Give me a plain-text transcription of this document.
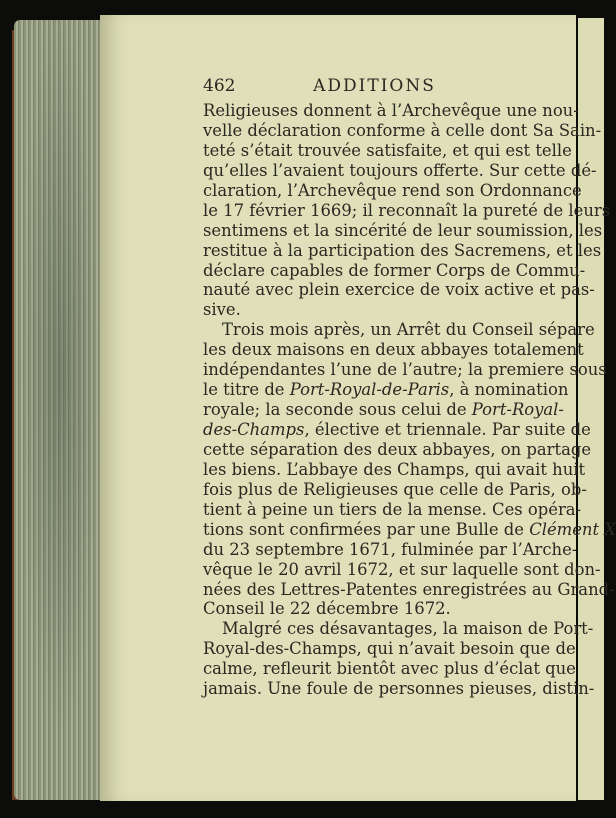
462	ADDITIONS
Religieuses donnent à l’Archevêque une nou-
velle déclaration conforme à celle dont Sa Sain-
teté s’était trouvée satisfaite, et qui est telle
qu’elles l’avaient toujours offerte. Sur cette dé-
claration, l’Archevêque rend son Ordonnance
le 17 février 1669; il reconnaît la pureté de leurs
sentimens et la sincérité de leur soumission, les
restitue à la participation des Sacremens, et les
déclare capables de former Corps de Commu-
nauté avec plein exercice de voix active et pas-
sive.
Trois mois après, un Arrêt du Conseil sépare
les deux maisons en deux abbayes totalement
indépendantes l’une de l’autre; la premiere sous
le titre de Port-Royal-de-Paris, à nomination
royale; la seconde sous celui de Port-Royal-
des-Champs, élective et triennale. Par suite de
cette séparation des deux abbayes, on partage
les biens. L’abbaye des Champs, qui avait huit
fois plus de Religieuses que celle de Paris, ob-
tient à peine un tiers de la mense. Ces opéra-
tions sont confirmées par une Bulle de Clément X
du 23 septembre 1671, fulminée par l’Arche-
vêque le 20 avril 1672, et sur laquelle sont don-
nées des Lettres-Patentes enregistrées au Grand-
Conseil le 22 décembre 1672.
Malgré ces désavantages, la maison de Port-
Royal-des-Champs, qui n’avait besoin que de
calme, refleurit bientôt avec plus d’éclat que
jamais. Une foule de personnes pieuses, distin-
